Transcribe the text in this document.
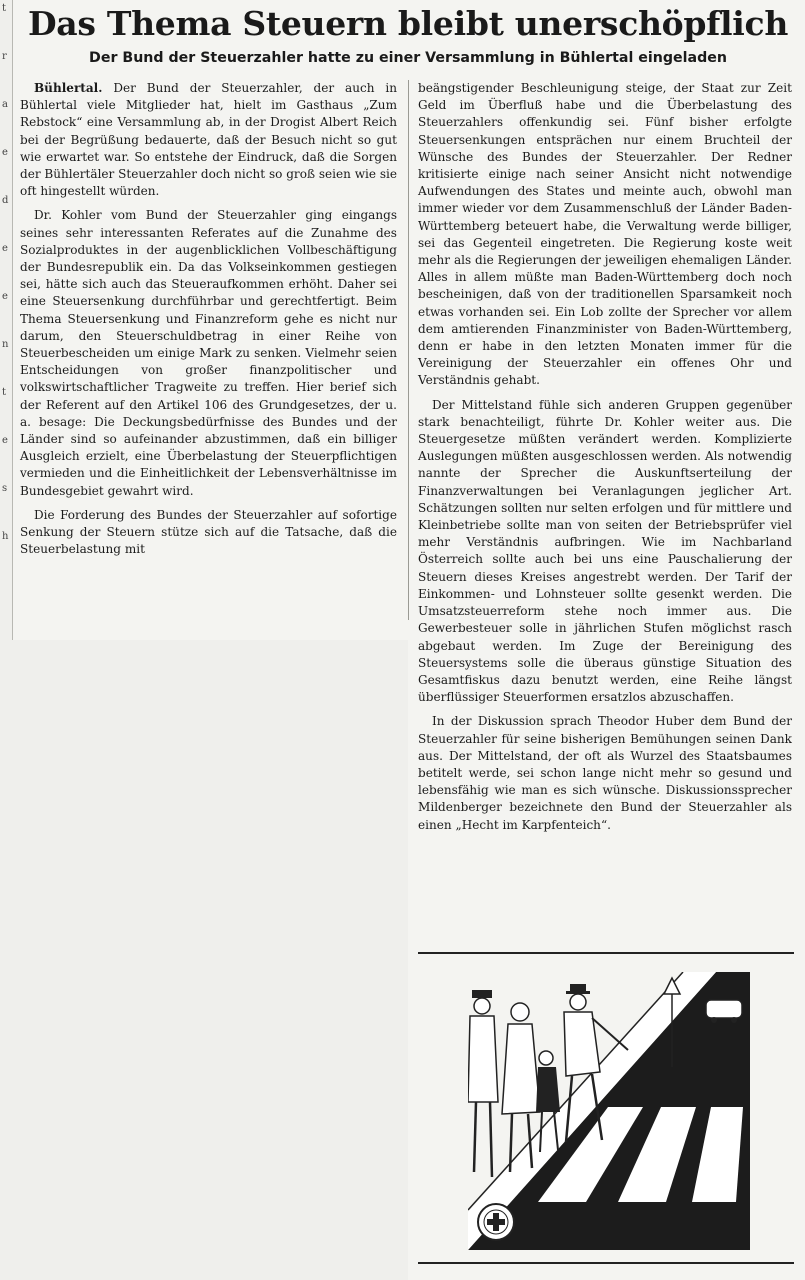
t
r
a
e
d
e
e
n
t
e
s
h
Das Thema Steuern bleibt unerschöpflich
Der Bund der Steuerzahler hatte zu einer Versammlung in Bühlertal eingeladen

Bühlertal. Der Bund der Steuerzahler, der auch in Bühlertal viele Mitglieder hat, hielt im Gasthaus „Zum Rebstock“ eine Versammlung ab, in der Drogist Albert Reich bei der Begrüßung bedauerte, daß der Besuch nicht so gut wie erwartet war. So entstehe der Eindruck, daß die Sorgen der Bühlertäler Steuerzahler doch nicht so groß seien wie sie oft hingestellt würden.

Dr. Kohler vom Bund der Steuerzahler ging eingangs seines sehr interessanten Referates auf die Zunahme des Sozialproduktes in der augenblicklichen Vollbeschäftigung der Bundesrepublik ein. Da das Volkseinkommen gestiegen sei, hätte sich auch das Steueraufkommen erhöht. Daher sei eine Steuersenkung durchführbar und gerechtfertigt. Beim Thema Steuersenkung und Finanzreform gehe es nicht nur darum, den Steuerschuldbetrag in einer Reihe von Steuerbescheiden um einige Mark zu senken. Vielmehr seien Entscheidungen von großer finanzpolitischer und volkswirtschaftlicher Tragweite zu treffen. Hier berief sich der Referent auf den Artikel 106 des Grundgesetzes, der u. a. besage: Die Deckungsbedürfnisse des Bundes und der Länder sind so aufeinander abzustimmen, daß ein billiger Ausgleich erzielt, eine Überbelastung der Steuerpflichtigen vermieden und die Einheitlichkeit der Lebensverhältnisse im Bundesgebiet gewahrt wird.

Die Forderung des Bundes der Steuerzahler auf sofortige Senkung der Steuern stütze sich auf die Tatsache, daß die Steuerbelastung mit

beängstigender Beschleunigung steige, der Staat zur Zeit Geld im Überfluß habe und die Überbelastung des Steuerzahlers offenkundig sei. Fünf bisher erfolgte Steuersenkungen entsprächen nur einem Bruchteil der Wünsche des Bundes der Steuerzahler. Der Redner kritisierte einige nach seiner Ansicht nicht notwendige Aufwendungen des States und meinte auch, obwohl man immer wieder vor dem Zusammenschluß der Länder Baden-Württemberg beteuert habe, die Verwaltung werde billiger, sei das Gegenteil eingetreten. Die Regierung koste weit mehr als die Regierungen der jeweiligen ehemaligen Länder. Alles in allem müßte man Baden-Württemberg doch noch bescheinigen, daß von der traditionellen Sparsamkeit noch etwas vorhanden sei. Ein Lob zollte der Sprecher vor allem dem amtierenden Finanzminister von Baden-Württemberg, denn er habe in den letzten Monaten immer für die Vereinigung der Steuerzahler ein offenes Ohr und Verständnis gehabt.

Der Mittelstand fühle sich anderen Gruppen gegenüber stark benachteiligt, führte Dr. Kohler weiter aus. Die Steuergesetze müßten verändert werden. Komplizierte Auslegungen müßten ausgeschlossen werden. Als notwendig nannte der Sprecher die Auskunftserteilung der Finanzverwaltungen bei Veranlagungen jeglicher Art. Schätzungen sollten nur selten erfolgen und für mittlere und Kleinbetriebe sollte man von seiten der Betriebsprüfer viel mehr Verständnis aufbringen. Wie im Nachbarland Österreich sollte auch bei uns eine Pauschalierung der Steuern dieses Kreises angestrebt werden. Der Tarif der Einkommen- und Lohnsteuer sollte gesenkt werden. Die Umsatzsteuerreform stehe noch immer aus. Die Gewerbesteuer solle in jährlichen Stufen möglichst rasch abgebaut werden. Im Zuge der Bereinigung des Steuersystems solle die überaus günstige Situation des Gesamtfiskus dazu benutzt werden, eine Reihe längst überflüssiger Steuerformen ersatzlos abzuschaffen.

In der Diskussion sprach Theodor Huber dem Bund der Steuerzahler für seine bisherigen Bemühungen seinen Dank aus. Der Mittelstand, der oft als Wurzel des Staatsbaumes betitelt werde, sei schon lange nicht mehr so gesund und lebensfähig wie man es sich wünsche. Diskussionssprecher Mildenberger bezeichnete den Bund der Steuerzahler als einen „Hecht im Karpfenteich“.
